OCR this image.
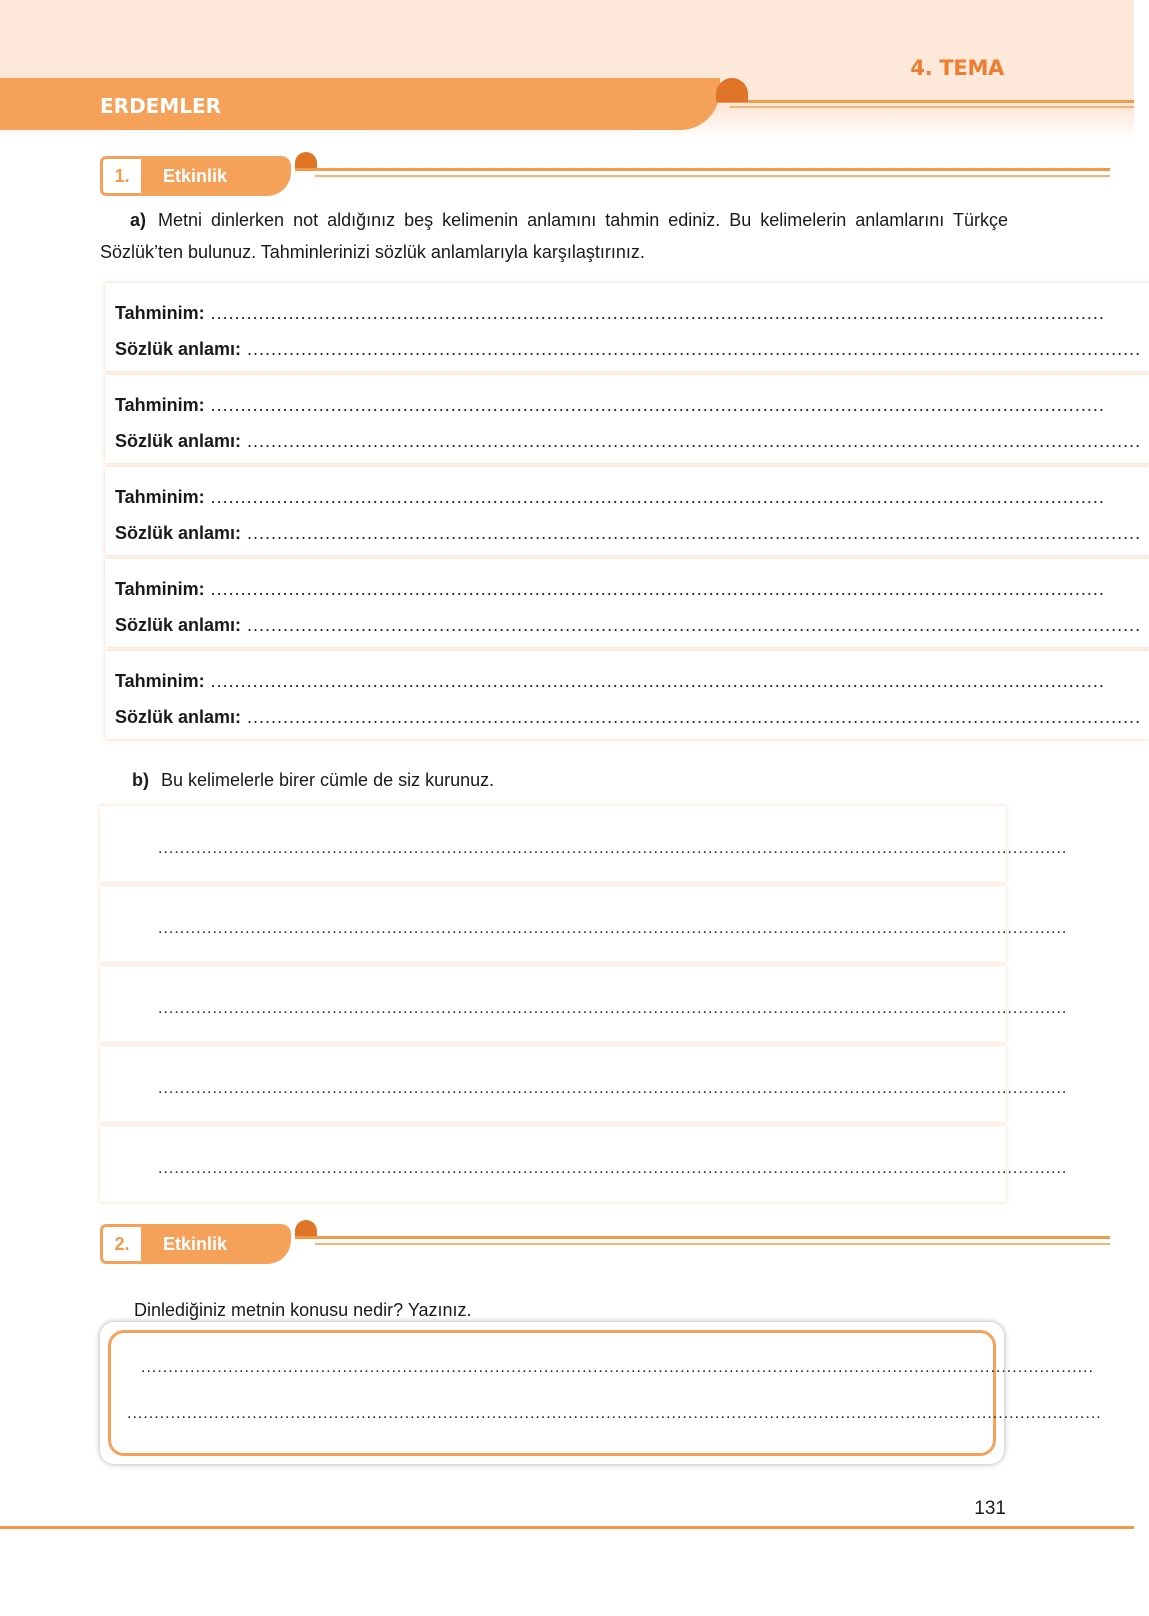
4. TEMA
ERDEMLER
1.	Etkinlik
a) Metni dinlerken not aldığınız beş kelimenin anlamını tahmin ediniz. Bu kelimelerin anlamlarını Türkçe Sözlük’ten bulunuz. Tahminlerinizi sözlük anlamlarıyla karşılaştırınız.
Tahminim: .....................................................................................................................................................
Sözlük anlamı: .....................................................................................................................................................
Tahminim: .....................................................................................................................................................
Sözlük anlamı: .....................................................................................................................................................
Tahminim: .....................................................................................................................................................
Sözlük anlamı: .....................................................................................................................................................
Tahminim: .....................................................................................................................................................
Sözlük anlamı: .....................................................................................................................................................
Tahminim: .....................................................................................................................................................
Sözlük anlamı: .....................................................................................................................................................
b) Bu kelimelerle birer cümle de siz kurunuz.
.......................................................................................................................................................................
.......................................................................................................................................................................
.......................................................................................................................................................................
.......................................................................................................................................................................
.......................................................................................................................................................................
2.	Etkinlik
Dinlediğiniz metnin konusu nedir? Yazınız.
...............................................................................................................................................................................
...................................................................................................................................................................................
131
